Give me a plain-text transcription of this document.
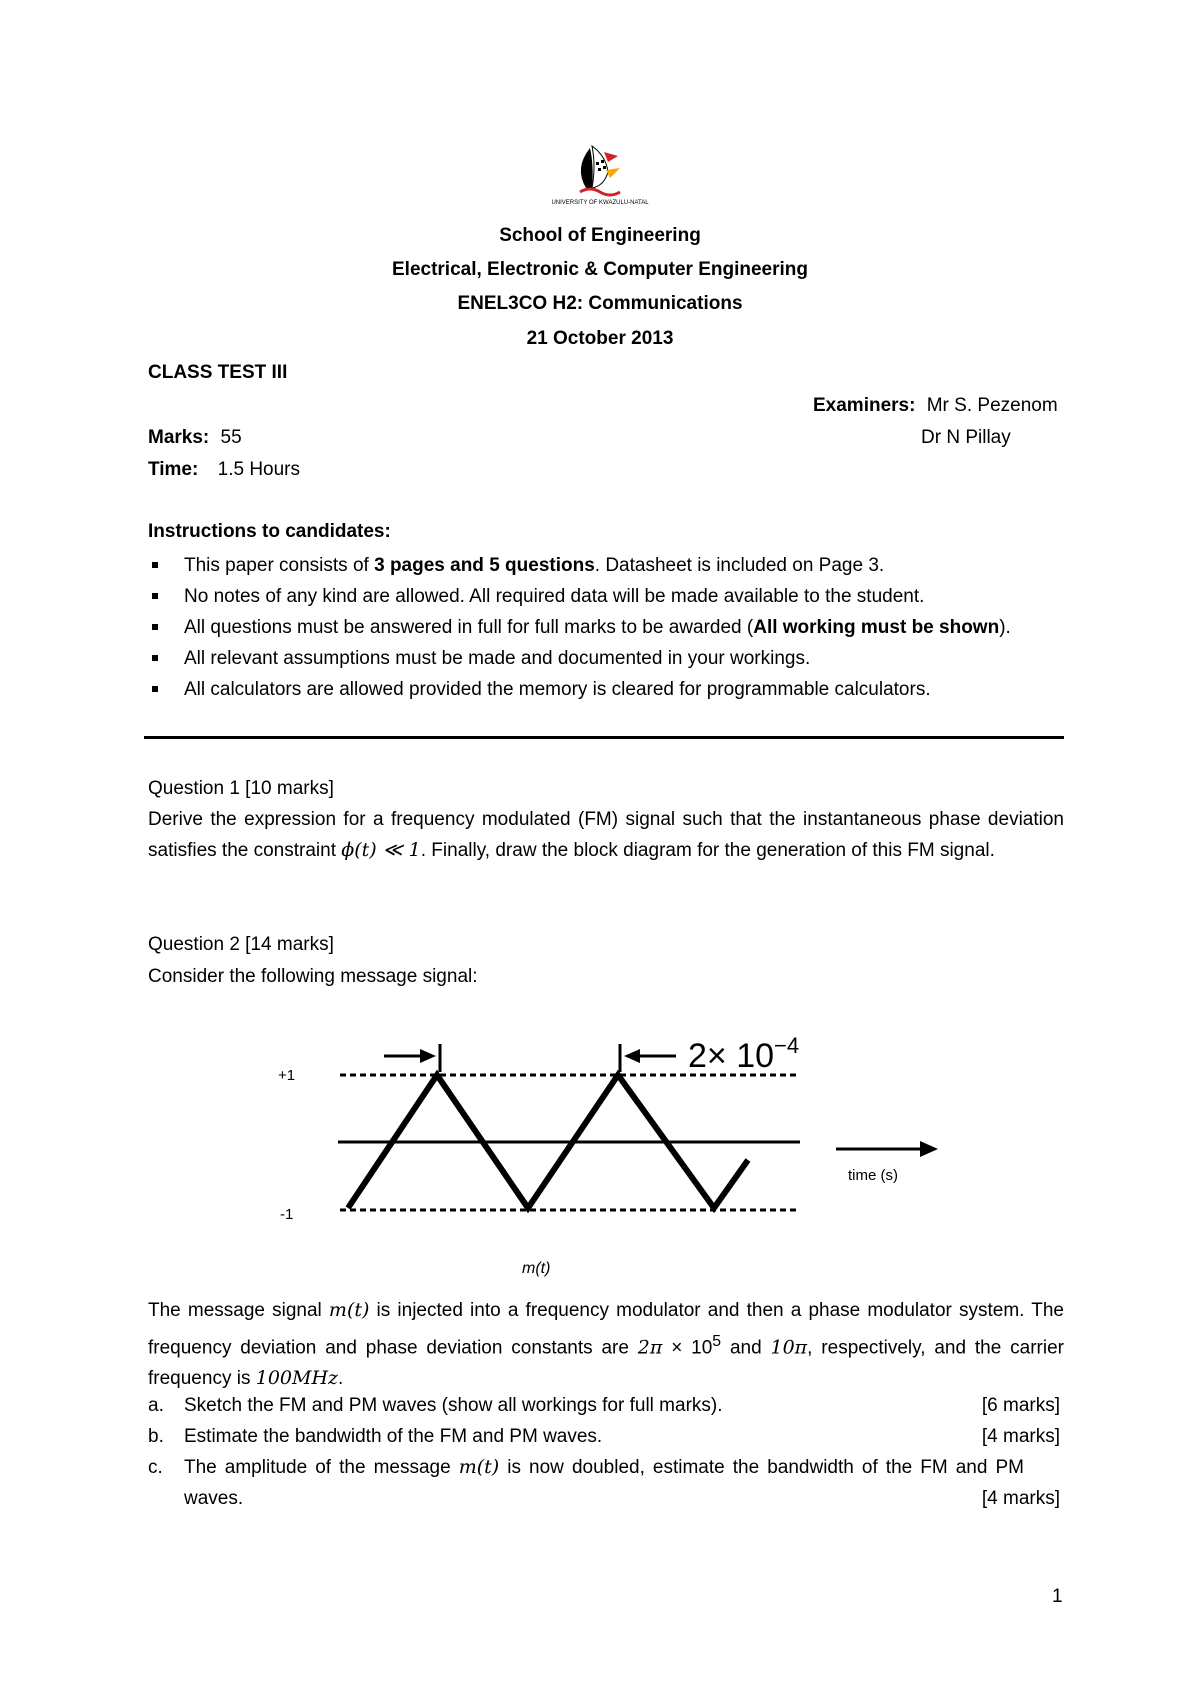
UNIVERSITY OF KWAZULU-NATAL
School of Engineering
Electrical, Electronic & Computer Engineering
ENEL3CO H2: Communications
21 October 2013
CLASS TEST III
Examiners: Mr S. Pezenom
Dr N Pillay
Marks: 55
Time: 1.5 Hours
Instructions to candidates:
This paper consists of 3 pages and 5 questions. Datasheet is included on Page 3.
No notes of any kind are allowed. All required data will be made available to the student.
All questions must be answered in full for full marks to be awarded (All working must be shown).
All relevant assumptions must be made and documented in your workings.
All calculators are allowed provided the memory is cleared for programmable calculators.
Question 1 [10 marks]
Derive the expression for a frequency modulated (FM) signal such that the instantaneous phase deviation satisfies the constraint ϕ(t) ≪ 1. Finally, draw the block diagram for the generation of this FM signal.
Question 2 [14 marks]
Consider the following message signal:
$2\times 10^{-4}$
+1
-1
time (s)
m(t)
The message signal m(t) is injected into a frequency modulator and then a phase modulator system. The frequency deviation and phase deviation constants are $2\pi \times 10^5$ and 10π, respectively, and the carrier frequency is 100MHz.
a. Sketch the FM and PM waves (show all workings for full marks).	[6 marks]
b. Estimate the bandwidth of the FM and PM waves.	[4 marks]
c. The amplitude of the message m(t) is now doubled, estimate the bandwidth of the FM and PM waves.	[4 marks]
1
